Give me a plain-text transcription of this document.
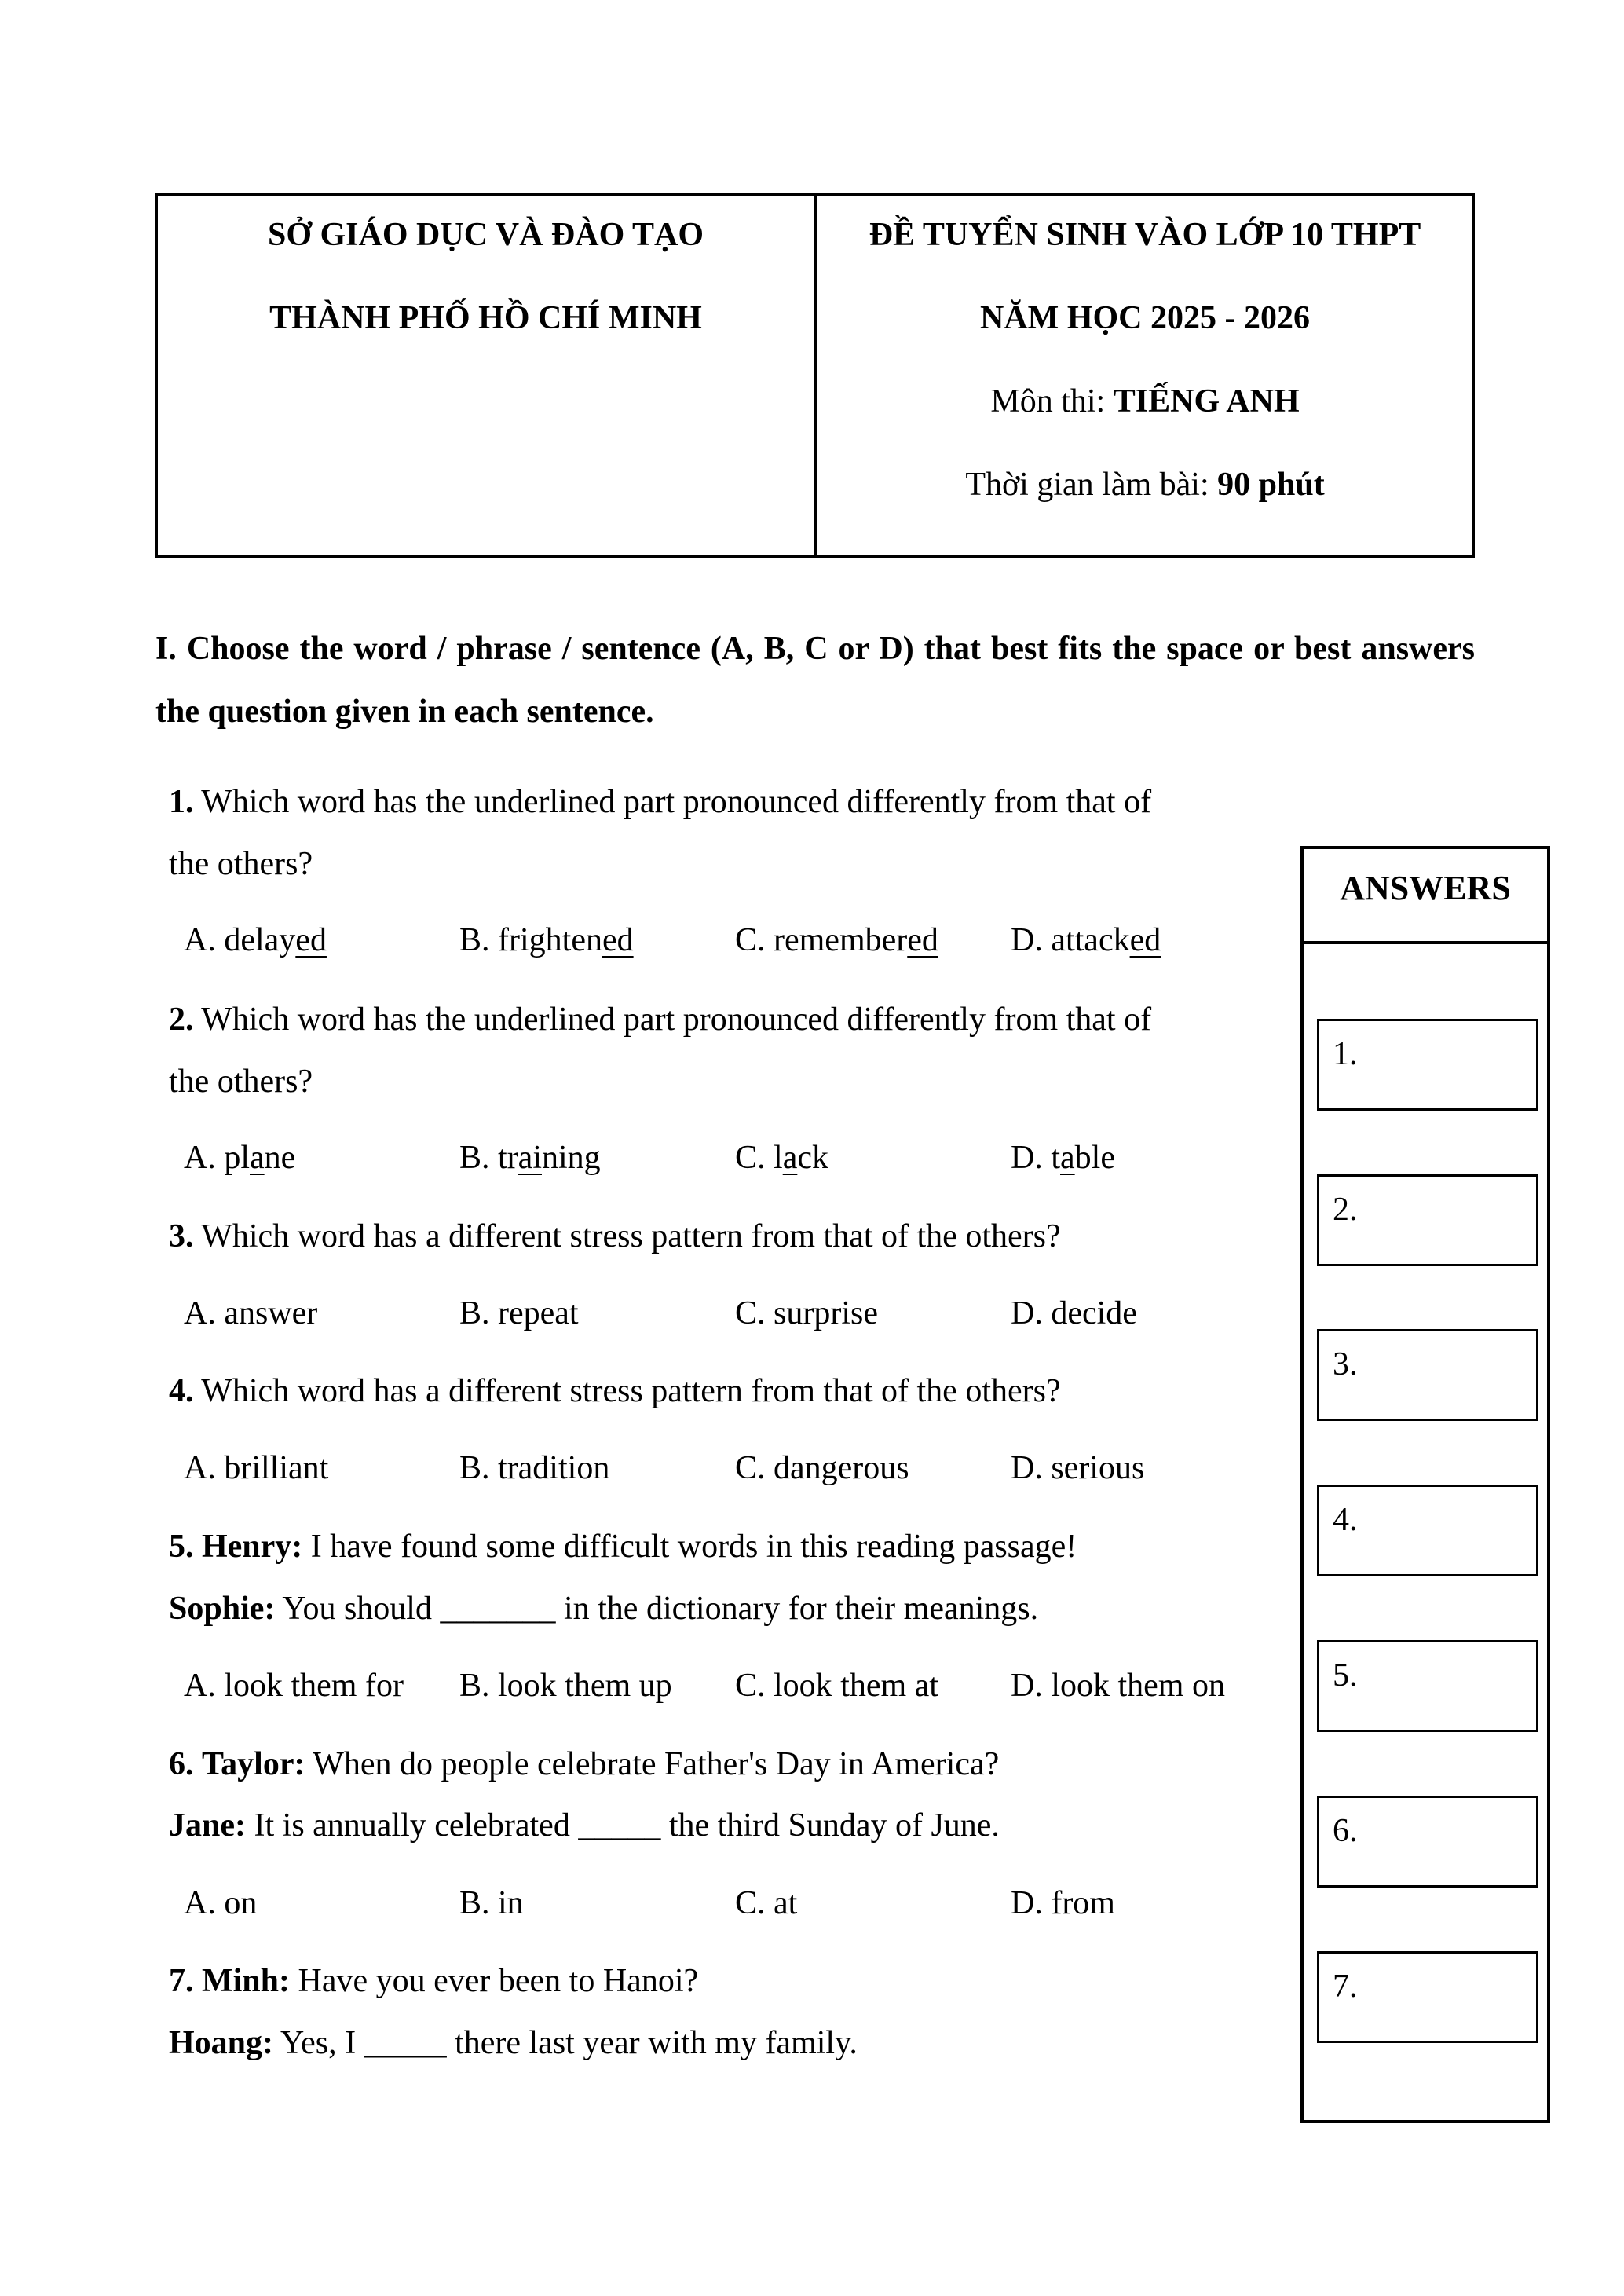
SỞ GIÁO DỤC VÀ ĐÀO TẠO
THÀNH PHỐ HỒ CHÍ MINH
ĐỀ TUYỂN SINH VÀO LỚP 10 THPT
NĂM HỌC 2025 - 2026
Môn thi: TIẾNG ANH
Thời gian làm bài: 90 phút
I. Choose the word / phrase / sentence (A, B, C or D) that best fits the space or best answers the question given in each sentence.
1. Which word has the underlined part pronounced differently from that of
the others?
A. delayed	B. frightened	C. remembered D. attacked
2. Which word has the underlined part pronounced differently from that of
the others?
A. plane	B. training	C. lack	D. table
3. Which word has a different stress pattern from that of the others?
A. answer	B. repeat	C. surprise	D. decide
4. Which word has a different stress pattern from that of the others?
A. brilliant	B. tradition	C. dangerous	D. serious
5. Henry: I have found some difficult words in this reading passage!
Sophie: You should _______ in the dictionary for their meanings.
A. look them for B. look them up C. look them at D. look them on
6. Taylor: When do people celebrate Father's Day in America?
Jane: It is annually celebrated _____ the third Sunday of June.
A. on	B. in	C. at	D. from
7. Minh: Have you ever been to Hanoi?
Hoang: Yes, I _____ there last year with my family.
ANSWERS
1.
2.
3.
4.
5.
6.
7.
